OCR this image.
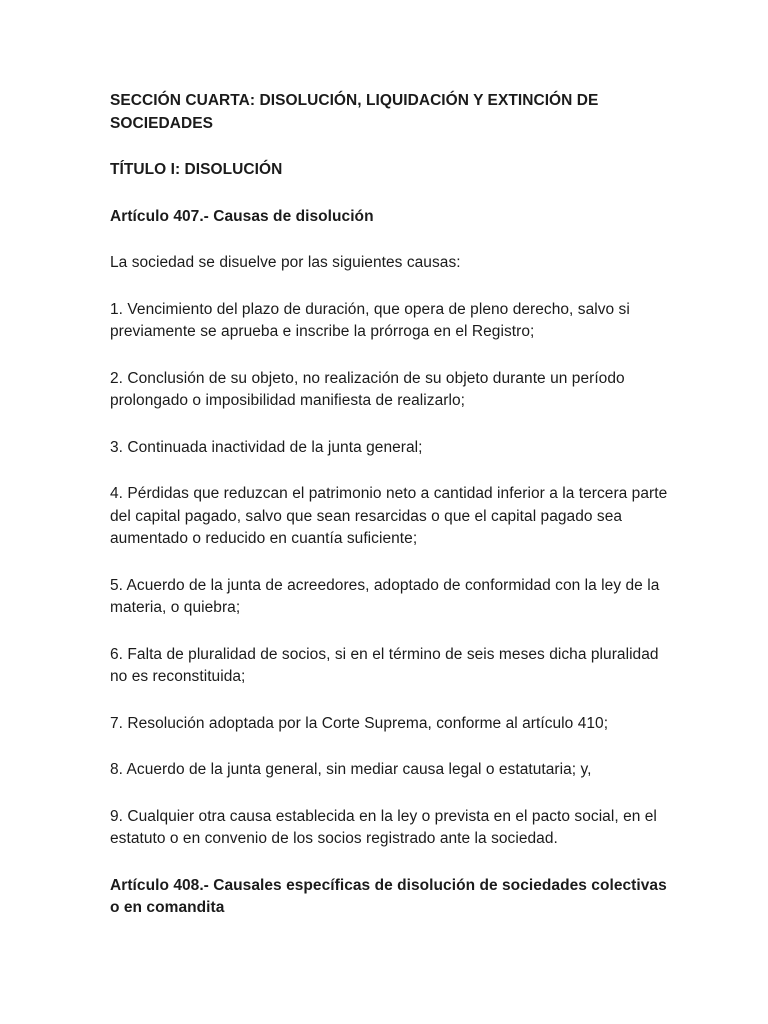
SECCIÓN CUARTA: DISOLUCIÓN, LIQUIDACIÓN Y EXTINCIÓN DE SOCIEDADES

TÍTULO I: DISOLUCIÓN

Artículo 407.- Causas de disolución

La sociedad se disuelve por las siguientes causas:

1. Vencimiento del plazo de duración, que opera de pleno derecho, salvo si previamente se aprueba e inscribe la prórroga en el Registro;

2. Conclusión de su objeto, no realización de su objeto durante un período prolongado o imposibilidad manifiesta de realizarlo;

3. Continuada inactividad de la junta general;

4. Pérdidas que reduzcan el patrimonio neto a cantidad inferior a la tercera parte del capital pagado, salvo que sean resarcidas o que el capital pagado sea aumentado o reducido en cuantía suficiente;

5. Acuerdo de la junta de acreedores, adoptado de conformidad con la ley de la materia, o quiebra;

6. Falta de pluralidad de socios, si en el término de seis meses dicha pluralidad no es reconstituida;

7. Resolución adoptada por la Corte Suprema, conforme al artículo 410;

8. Acuerdo de la junta general, sin mediar causa legal o estatutaria; y,

9. Cualquier otra causa establecida en la ley o prevista en el pacto social, en el estatuto o en convenio de los socios registrado ante la sociedad.

Artículo 408.- Causales específicas de disolución de sociedades colectivas o en comandita
